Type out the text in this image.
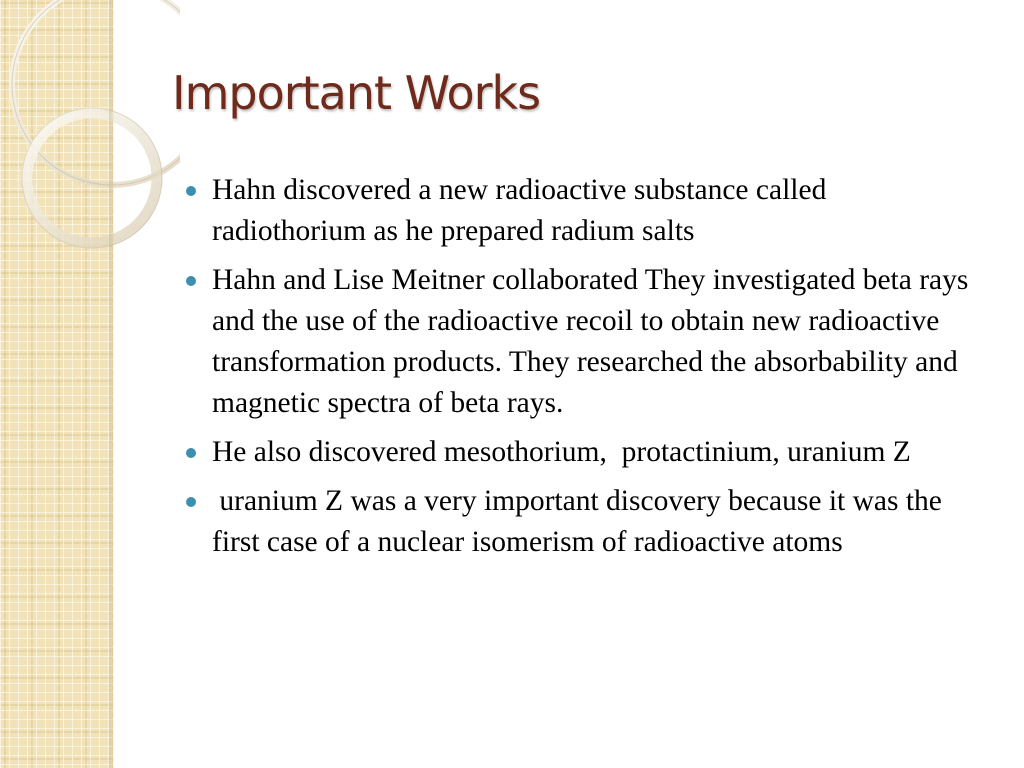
Important Works
Hahn discovered a new radioactive substance called radiothorium as he prepared radium salts
Hahn and Lise Meitner collaborated They investigated beta rays and the use of the radioactive recoil to obtain new radioactive transformation products. They researched the absorbability and magnetic spectra of beta rays.
He also discovered mesothorium,  protactinium, uranium Z
uranium Z was a very important discovery because it was the first case of a nuclear isomerism of radioactive atoms
